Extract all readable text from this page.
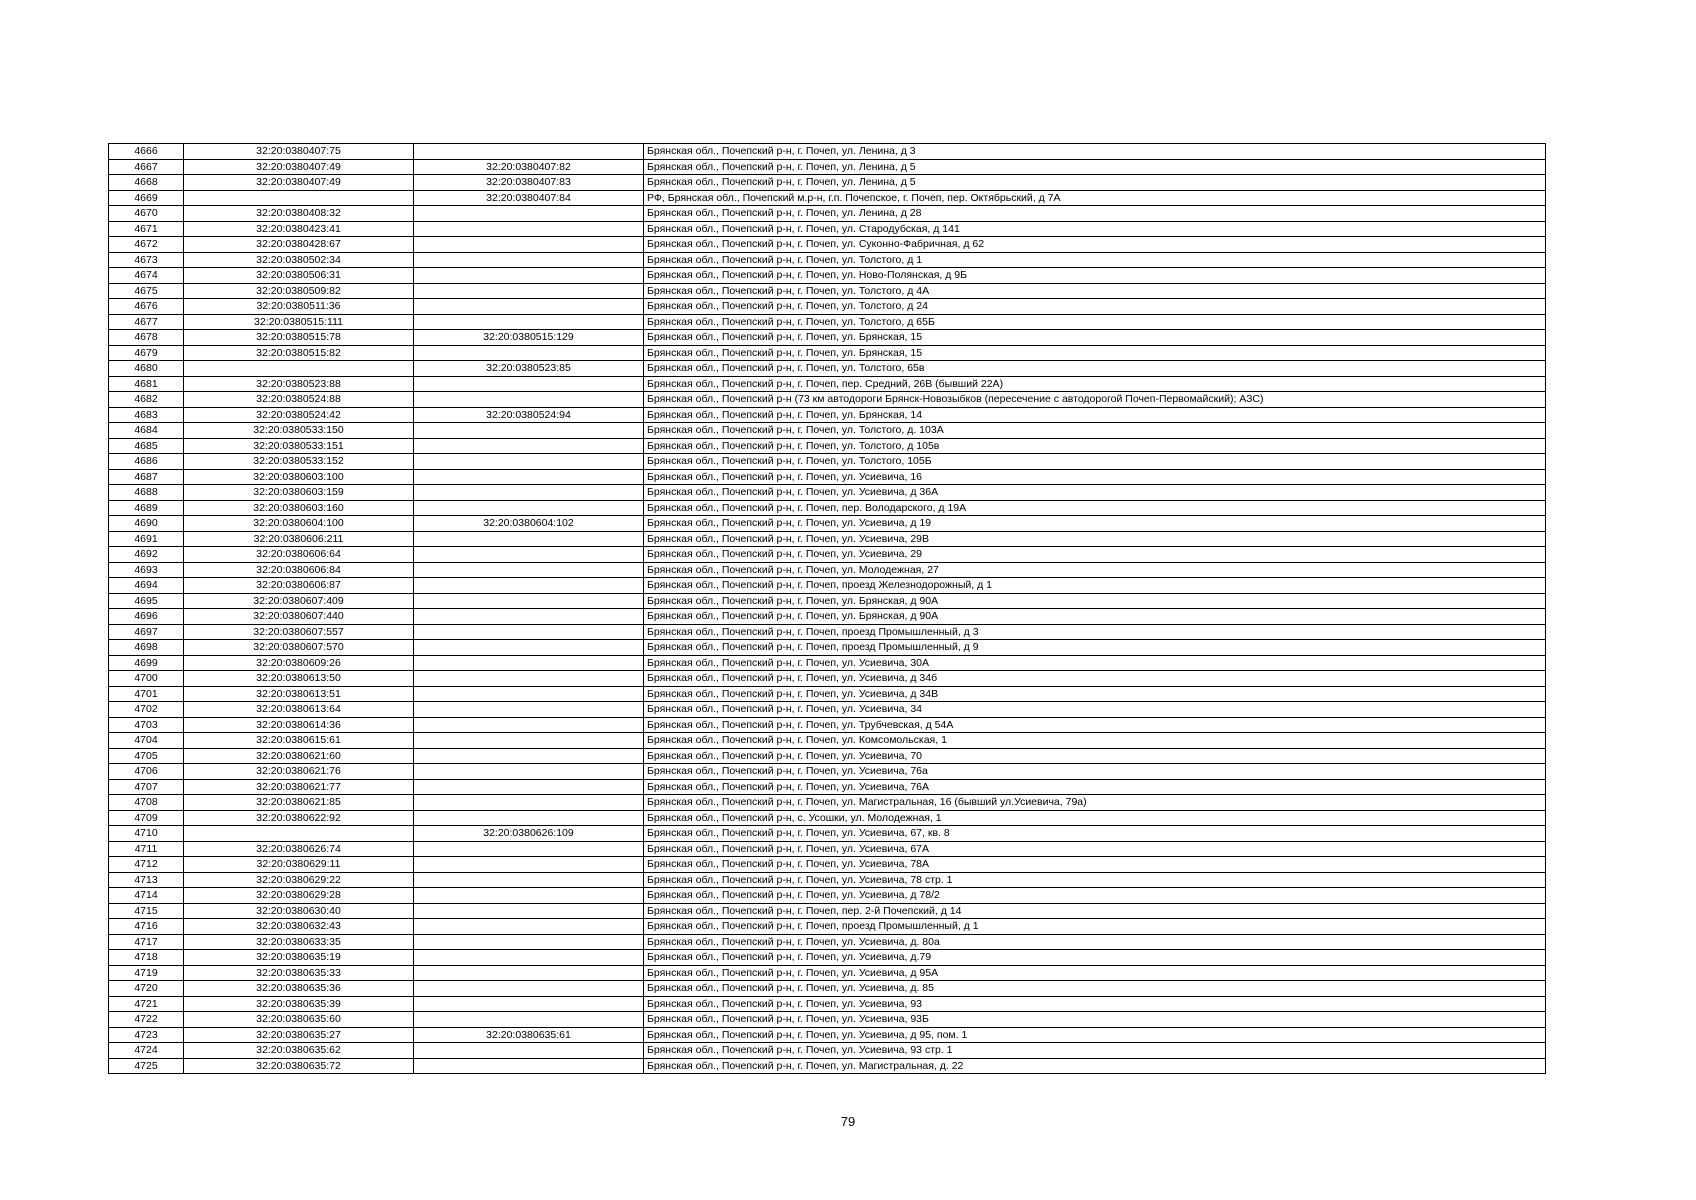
4666	32:20:0380407:75		Брянская обл., Почепский р-н, г. Почеп, ул. Ленина, д 3
4667	32:20:0380407:49	32:20:0380407:82	Брянская обл., Почепский р-н, г. Почеп, ул. Ленина, д 5
4668	32:20:0380407:49	32:20:0380407:83	Брянская обл., Почепский р-н, г. Почеп, ул. Ленина, д 5
4669		32:20:0380407:84	РФ, Брянская обл., Почепский м.р-н, г.п. Почепское, г. Почеп, пер. Октябрьский, д 7А
4670	32:20:0380408:32		Брянская обл., Почепский р-н, г. Почеп, ул. Ленина, д 28
4671	32:20:0380423:41		Брянская обл., Почепский р-н, г. Почеп, ул. Стародубская, д 141
4672	32:20:0380428:67		Брянская обл., Почепский р-н, г. Почеп, ул. Суконно-Фабричная, д 62
4673	32:20:0380502:34		Брянская обл., Почепский р-н, г. Почеп, ул. Толстого, д 1
4674	32:20:0380506:31		Брянская обл., Почепский р-н, г. Почеп, ул. Ново-Полянская, д 9Б
4675	32:20:0380509:82		Брянская обл., Почепский р-н, г. Почеп, ул. Толстого, д 4А
4676	32:20:0380511:36		Брянская обл., Почепский р-н, г. Почеп, ул. Толстого, д 24
4677	32:20:0380515:111		Брянская обл., Почепский р-н, г. Почеп, ул. Толстого, д 65Б
4678	32:20:0380515:78	32:20:0380515:129	Брянская обл., Почепский р-н, г. Почеп, ул. Брянская, 15
4679	32:20:0380515:82		Брянская обл., Почепский р-н, г. Почеп, ул. Брянская, 15
4680		32:20:0380523:85	Брянская обл., Почепский р-н, г. Почеп, ул. Толстого, 65в
4681	32:20:0380523:88		Брянская обл., Почепский р-н, г. Почеп, пер. Средний, 26В (бывший 22А)
4682	32:20:0380524:88		Брянская обл., Почепский р-н (73 км автодороги Брянск-Новозыбков (пересечение с автодорогой Почеп-Первомайский); АЗС)
4683	32:20:0380524:42	32:20:0380524:94	Брянская обл., Почепский р-н, г. Почеп, ул. Брянская, 14
4684	32:20:0380533:150		Брянская обл., Почепский р-н, г. Почеп, ул. Толстого, д. 103А
4685	32:20:0380533:151		Брянская обл., Почепский р-н, г. Почеп, ул. Толстого, д 105в
4686	32:20:0380533:152		Брянская обл., Почепский р-н, г. Почеп, ул. Толстого, 105Б
4687	32:20:0380603:100		Брянская обл., Почепский р-н, г. Почеп, ул. Усиевича, 16
4688	32:20:0380603:159		Брянская обл., Почепский р-н, г. Почеп, ул. Усиевича, д 36А
4689	32:20:0380603:160		Брянская обл., Почепский р-н, г. Почеп, пер. Володарского, д 19А
4690	32:20:0380604:100	32:20:0380604:102	Брянская обл., Почепский р-н, г. Почеп, ул. Усиевича, д 19
4691	32:20:0380606:211		Брянская обл., Почепский р-н, г. Почеп, ул. Усиевича, 29В
4692	32:20:0380606:64		Брянская обл., Почепский р-н, г. Почеп, ул. Усиевича, 29
4693	32:20:0380606:84		Брянская обл., Почепский р-н, г. Почеп, ул. Молодежная, 27
4694	32:20:0380606:87		Брянская обл., Почепский р-н, г. Почеп, проезд Железнодорожный, д 1
4695	32:20:0380607:409		Брянская обл., Почепский р-н, г. Почеп, ул. Брянская, д 90А
4696	32:20:0380607:440		Брянская обл., Почепский р-н, г. Почеп, ул. Брянская, д 90А
4697	32:20:0380607:557		Брянская обл., Почепский р-н, г. Почеп, проезд Промышленный, д 3
4698	32:20:0380607:570		Брянская обл., Почепский р-н, г. Почеп, проезд Промышленный, д 9
4699	32:20:0380609:26		Брянская обл., Почепский р-н, г. Почеп, ул. Усиевича, 30А
4700	32:20:0380613:50		Брянская обл., Почепский р-н, г. Почеп, ул. Усиевича, д 34б
4701	32:20:0380613:51		Брянская обл., Почепский р-н, г. Почеп, ул. Усиевича, д 34В
4702	32:20:0380613:64		Брянская обл., Почепский р-н, г. Почеп, ул. Усиевича, 34
4703	32:20:0380614:36		Брянская обл., Почепский р-н, г. Почеп, ул. Трубчевская, д 54А
4704	32:20:0380615:61		Брянская обл., Почепский р-н, г. Почеп, ул. Комсомольская, 1
4705	32:20:0380621:60		Брянская обл., Почепский р-н, г. Почеп, ул. Усиевича, 70
4706	32:20:0380621:76		Брянская обл., Почепский р-н, г. Почеп, ул. Усиевича, 76а
4707	32:20:0380621:77		Брянская обл., Почепский р-н, г. Почеп, ул. Усиевича, 76А
4708	32:20:0380621:85		Брянская обл., Почепский р-н, г. Почеп, ул. Магистральная, 16 (бывший ул.Усиевича, 79а)
4709	32:20:0380622:92		Брянская обл., Почепский р-н, с. Усошки, ул. Молодежная, 1
4710		32:20:0380626:109	Брянская обл., Почепский р-н, г. Почеп, ул. Усиевича, 67, кв. 8
4711	32:20:0380626:74		Брянская обл., Почепский р-н, г. Почеп, ул. Усиевича, 67А
4712	32:20:0380629:11		Брянская обл., Почепский р-н, г. Почеп, ул. Усиевича, 78А
4713	32:20:0380629:22		Брянская обл., Почепский р-н, г. Почеп, ул. Усиевича, 78 стр. 1
4714	32:20:0380629:28		Брянская обл., Почепский р-н, г. Почеп, ул. Усиевича, д 78/2
4715	32:20:0380630:40		Брянская обл., Почепский р-н, г. Почеп, пер. 2-й Почепский, д 14
4716	32:20:0380632:43		Брянская обл., Почепский р-н, г. Почеп, проезд Промышленный, д 1
4717	32:20:0380633:35		Брянская обл., Почепский р-н, г. Почеп, ул. Усиевича, д. 80а
4718	32:20:0380635:19		Брянская обл., Почепский р-н, г. Почеп, ул. Усиевича, д.79
4719	32:20:0380635:33		Брянская обл., Почепский р-н, г. Почеп, ул. Усиевича, д 95А
4720	32:20:0380635:36		Брянская обл., Почепский р-н, г. Почеп, ул. Усиевича, д. 85
4721	32:20:0380635:39		Брянская обл., Почепский р-н, г. Почеп, ул. Усиевича, 93
4722	32:20:0380635:60		Брянская обл., Почепский р-н, г. Почеп, ул. Усиевича, 93Б
4723	32:20:0380635:27	32:20:0380635:61	Брянская обл., Почепский р-н, г. Почеп, ул. Усиевича, д 95, пом. 1
4724	32:20:0380635:62		Брянская обл., Почепский р-н, г. Почеп, ул. Усиевича, 93 стр. 1
4725	32:20:0380635:72		Брянская обл., Почепский р-н, г. Почеп, ул. Магистральная, д. 22
79
